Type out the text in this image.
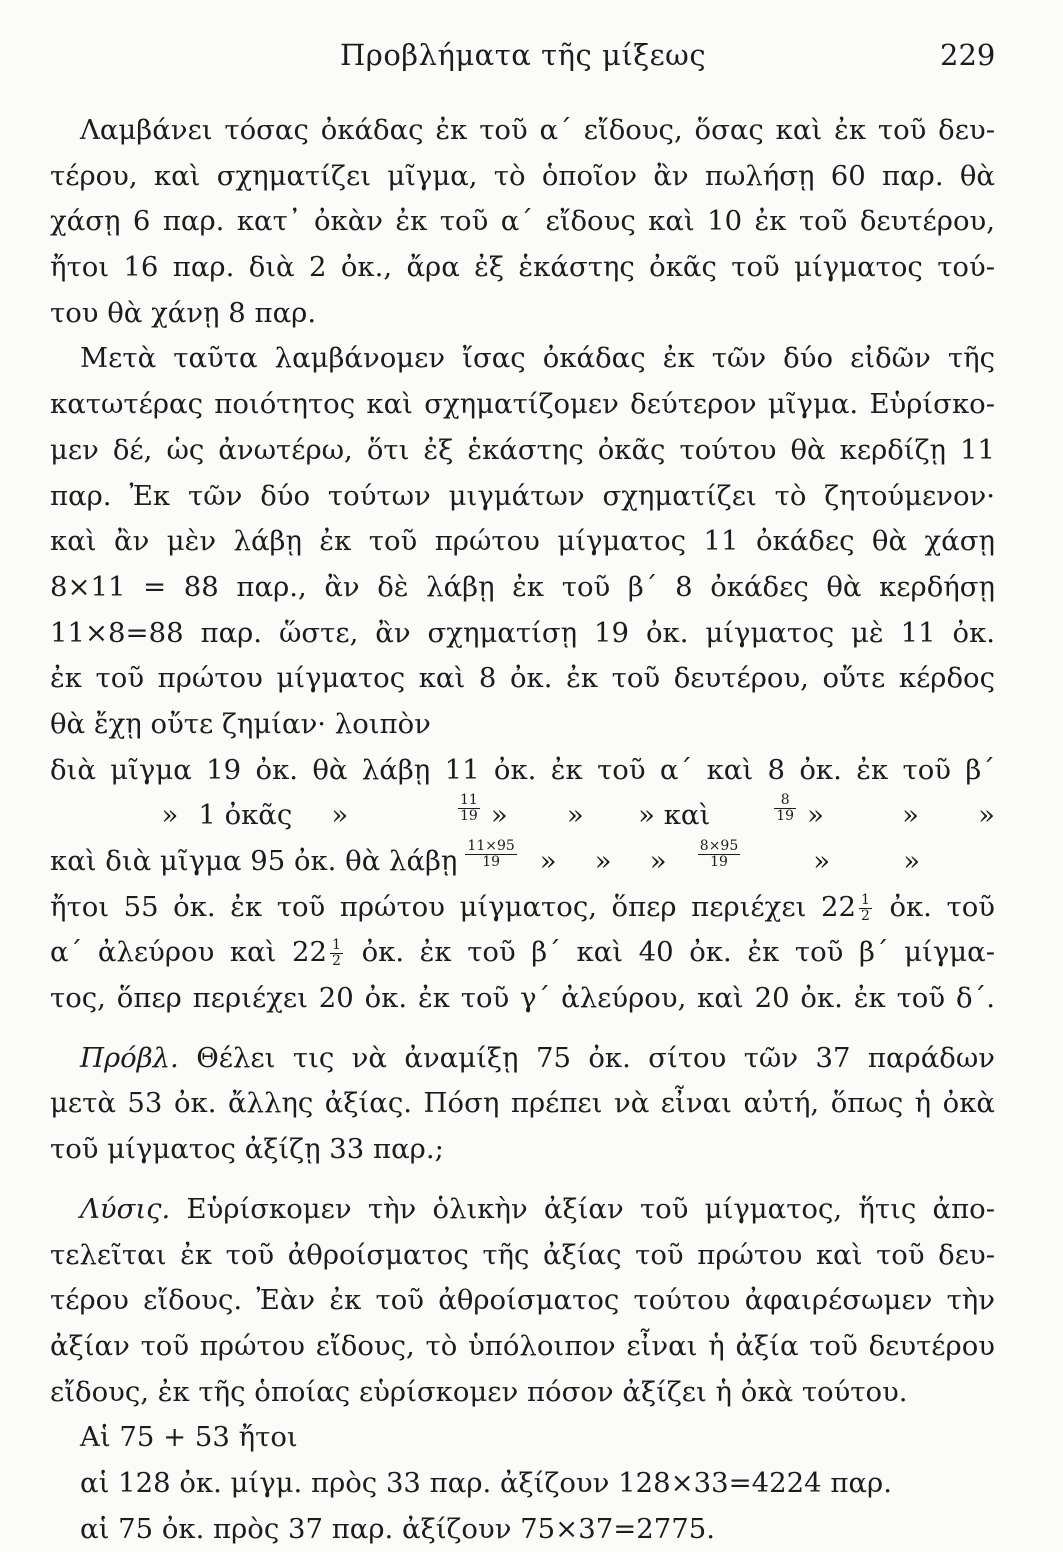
Προβλήματα τῆς μίξεως	229
Λαμβάνει τόσας ὀκάδας ἐκ τοῦ α΄ εἴδους, ὅσας καὶ ἐκ τοῦ δευ-
τέρου, καὶ σχηματίζει μῖγμα, τὸ ὁποῖον ἂν πωλήσῃ 60 παρ. θὰ
χάσῃ 6 παρ. κατ᾽ ὀκὰν ἐκ τοῦ α΄ εἴδους καὶ 10 ἐκ τοῦ δευτέρου,
ἤτοι 16 παρ. διὰ 2 ὀκ., ἄρα ἐξ ἑκάστης ὀκᾶς τοῦ μίγματος τού-
του θὰ χάνῃ 8 παρ.
Μετὰ ταῦτα λαμβάνομεν ἴσας ὀκάδας ἐκ τῶν δύο εἰδῶν τῆς
κατωτέρας ποιότητος καὶ σχηματίζομεν δεύτερον μῖγμα. Εὑρίσκο-
μεν δέ, ὡς ἀνωτέρω, ὅτι ἐξ ἑκάστης ὀκᾶς τούτου θὰ κερδίζῃ 11
παρ. Ἐκ τῶν δύο τούτων μιγμάτων σχηματίζει τὸ ζητούμενον·
καὶ ἂν μὲν λάβῃ ἐκ τοῦ πρώτου μίγματος 11 ὀκάδες θὰ χάσῃ
8⨯11 = 88 παρ., ἂν δὲ λάβῃ ἐκ τοῦ β΄ 8 ὀκάδες θὰ κερδήσῃ
11⨯8=88 παρ. ὥστε, ἂν σχηματίσῃ 19 ὀκ. μίγματος μὲ 11 ὀκ.
ἐκ τοῦ πρώτου μίγματος καὶ 8 ὀκ. ἐκ τοῦ δευτέρου, οὔτε κέρδος
θὰ ἔχῃ οὔτε ζημίαν· λοιπὸν
διὰ μῖγμα 19 ὀκ. θὰ λάβῃ 11 ὀκ. ἐκ τοῦ α΄ καὶ 8 ὀκ. ἐκ τοῦ β΄
» 1 ὀκᾶς	»	$\frac{11}{19}$ »	»	» καὶ	$\frac{8}{19}$ »	»	»
καὶ διὰ μῖγμα 95 ὀκ. θὰ λάβῃ $\frac{11\times 95}{19}$ »	»	»	$\frac{8\times 95}{19}$	»	»
ἤτοι 55 ὀκ. ἐκ τοῦ πρώτου μίγματος, ὅπερ περιέχει $22 \frac{1}{2}$ ὀκ. τοῦ
α΄ ἀλεύρου καὶ $22 \frac{1}{2}$ ὀκ. ἐκ τοῦ β΄ καὶ 40 ὀκ. ἐκ τοῦ β΄ μίγμα-
τος, ὅπερ περιέχει 20 ὀκ. ἐκ τοῦ γ΄ ἀλεύρου, καὶ 20 ὀκ. ἐκ τοῦ δ΄.
Πρόβλ. Θέλει τις νὰ ἀναμίξῃ 75 ὀκ. σίτου τῶν 37 παράδων
μετὰ 53 ὀκ. ἄλλης ἀξίας. Πόση πρέπει νὰ εἶναι αὐτή, ὅπως ἡ ὀκὰ
τοῦ μίγματος ἀξίζῃ 33 παρ.;
Λύσις. Εὑρίσκομεν τὴν ὁλικὴν ἀξίαν τοῦ μίγματος, ἥτις ἀπο-
τελεῖται ἐκ τοῦ ἀθροίσματος τῆς ἀξίας τοῦ πρώτου καὶ τοῦ δευ-
τέρου εἴδους. Ἐὰν ἐκ τοῦ ἀθροίσματος τούτου ἀφαιρέσωμεν τὴν
ἀξίαν τοῦ πρώτου εἴδους, τὸ ὑπόλοιπον εἶναι ἡ ἀξία τοῦ δευτέρου
εἴδους, ἐκ τῆς ὁποίας εὑρίσκομεν πόσον ἀξίζει ἡ ὀκὰ τούτου.
Αἱ 75 + 53 ἤτοι
αἱ 128 ὀκ. μίγμ. πρὸς 33 παρ. ἀξίζουν 128⨯33=4224 παρ.
αἱ 75 ὀκ. πρὸς 37 παρ. ἀξίζουν 75⨯37=2775.
